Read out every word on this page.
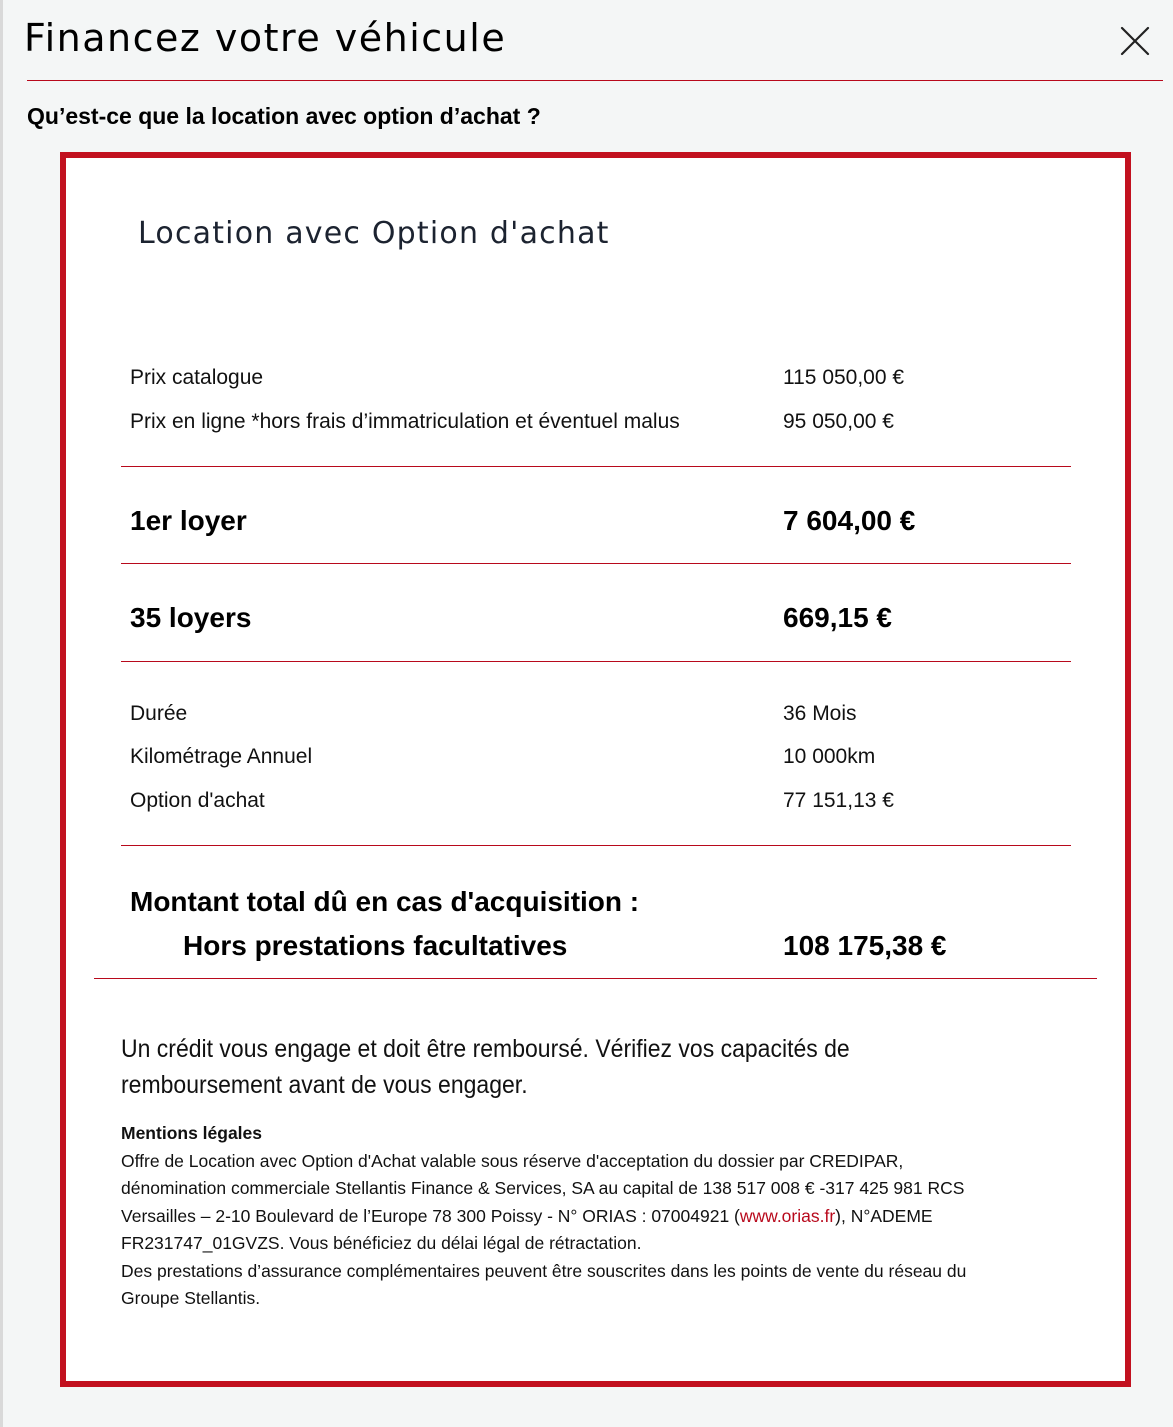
Financez votre véhicule
Qu’est-ce que la location avec option d’achat ?
Location avec Option d'achat
Prix catalogue	115 050,00 €
Prix en ligne *hors frais d’immatriculation et éventuel malus	95 050,00 €
1er loyer	7 604,00 €
35 loyers	669,15 €
Durée	36 Mois
Kilométrage Annuel	10 000km
Option d'achat	77 151,13 €

Montant total dû en cas d'acquisition :

Hors prestations facultatives	108 175,38 €

Un crédit vous engage et doit être remboursé. Vérifiez vos capacités de remboursement avant de vous engager.

Mentions légales
Offre de Location avec Option d'Achat valable sous réserve d'acceptation du dossier par CREDIPAR,
dénomination commerciale Stellantis Finance & Services, SA au capital de 138 517 008 € -317 425 981 RCS
Versailles – 2-10 Boulevard de l’Europe 78 300 Poissy - N° ORIAS : 07004921 (www.orias.fr), N°ADEME
FR231747_01GVZS. Vous bénéficiez du délai légal de rétractation.
Des prestations d’assurance complémentaires peuvent être souscrites dans les points de vente du réseau du
Groupe Stellantis.
